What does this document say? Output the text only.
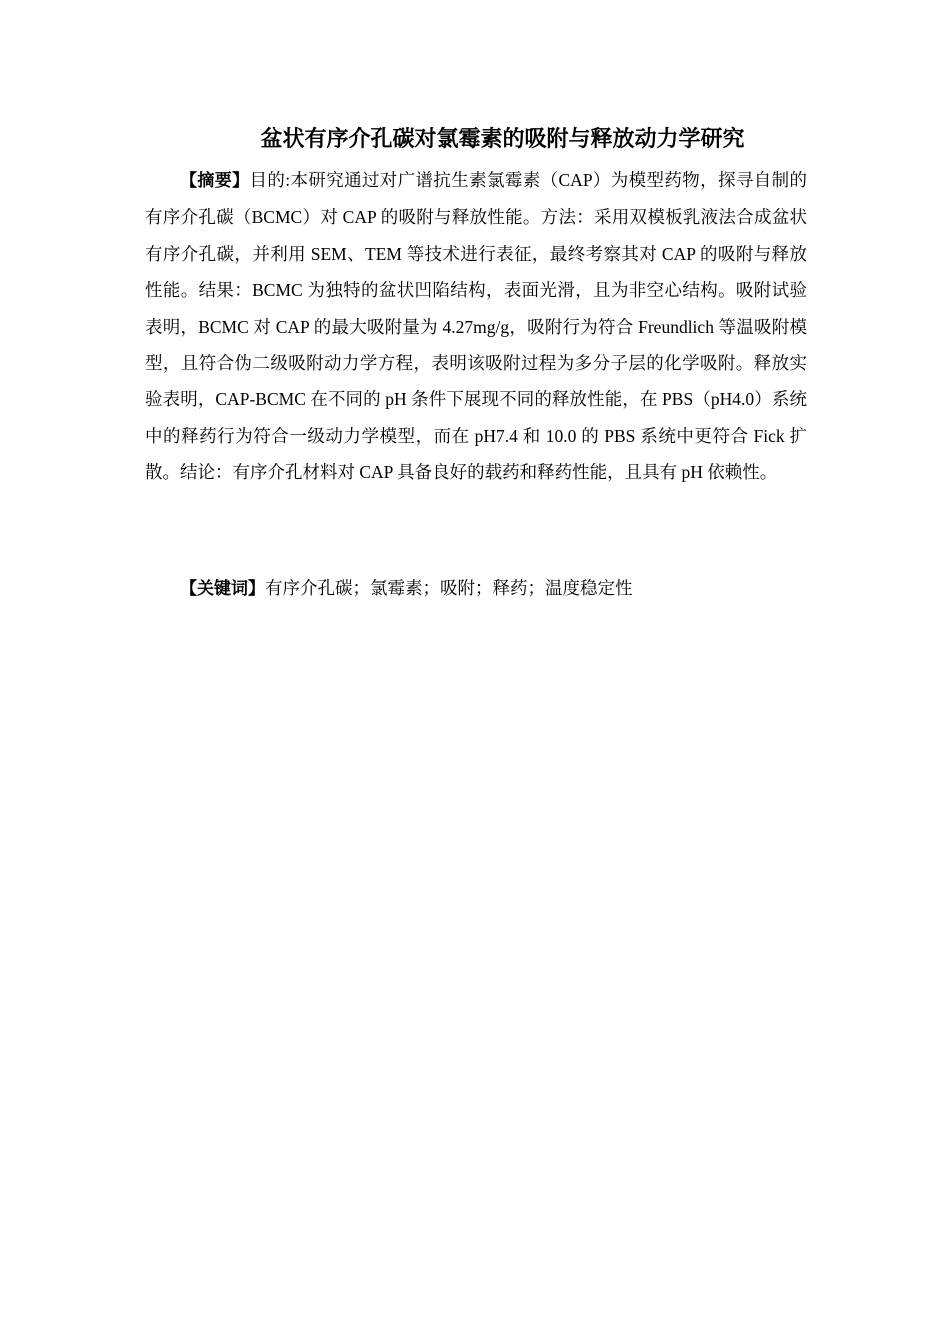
盆状有序介孔碳对氯霉素的吸附与释放动力学研究

【摘要】目的:本研究通过对广谱抗生素氯霉素（CAP）为模型药物，探寻自制的有序介孔碳（BCMC）对 CAP 的吸附与释放性能。方法：采用双模板乳液法合成盆状有序介孔碳，并利用 SEM、TEM 等技术进行表征，最终考察其对 CAP 的吸附与释放性能。结果：BCMC 为独特的盆状凹陷结构，表面光滑，且为非空心结构。吸附试验表明，BCMC 对 CAP 的最大吸附量为 4.27mg/g，吸附行为符合 Freundlich 等温吸附模型，且符合伪二级吸附动力学方程，表明该吸附过程为多分子层的化学吸附。释放实验表明，CAP-BCMC 在不同的 pH 条件下展现不同的释放性能，在 PBS（pH4.0）系统中的释药行为符合一级动力学模型，而在 pH7.4 和 10.0 的 PBS 系统中更符合 Fick 扩散。结论：有序介孔材料对 CAP 具备良好的载药和释药性能，且具有 pH 依赖性。

【关键词】有序介孔碳；氯霉素；吸附；释药；温度稳定性
